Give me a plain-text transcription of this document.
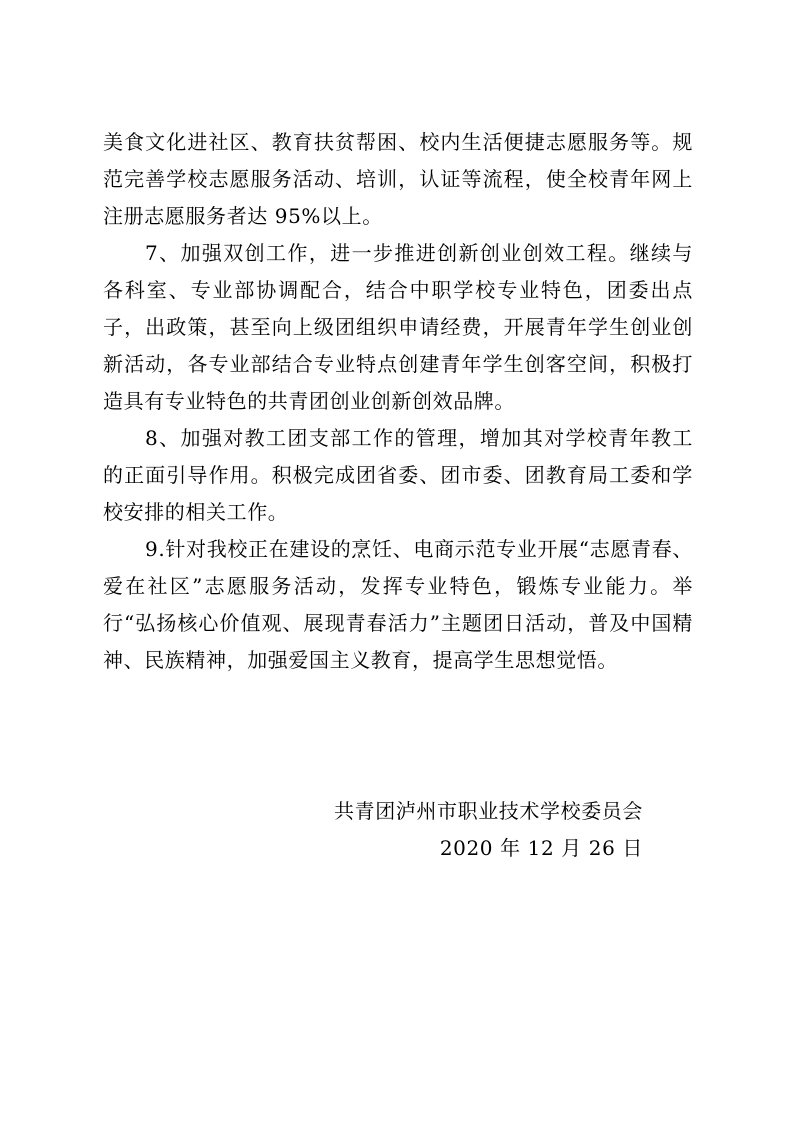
美食文化进社区、教育扶贫帮困、校内生活便捷志愿服务等。规范完善学校志愿服务活动、培训，认证等流程，使全校青年网上注册志愿服务者达 95%以上。

7、加强双创工作，进一步推进创新创业创效工程。继续与各科室、专业部协调配合，结合中职学校专业特色，团委出点子，出政策，甚至向上级团组织申请经费，开展青年学生创业创新活动，各专业部结合专业特点创建青年学生创客空间，积极打造具有专业特色的共青团创业创新创效品牌。

8、加强对教工团支部工作的管理，增加其对学校青年教工的正面引导作用。积极完成团省委、团市委、团教育局工委和学校安排的相关工作。

9.针对我校正在建设的烹饪、电商示范专业开展“志愿青春、爱在社区”志愿服务活动，发挥专业特色，锻炼专业能力。举行“弘扬核心价值观、展现青春活力”主题团日活动，普及中国精神、民族精神，加强爱国主义教育，提高学生思想觉悟。

共青团泸州市职业技术学校委员会
2020 年 12 月 26 日
